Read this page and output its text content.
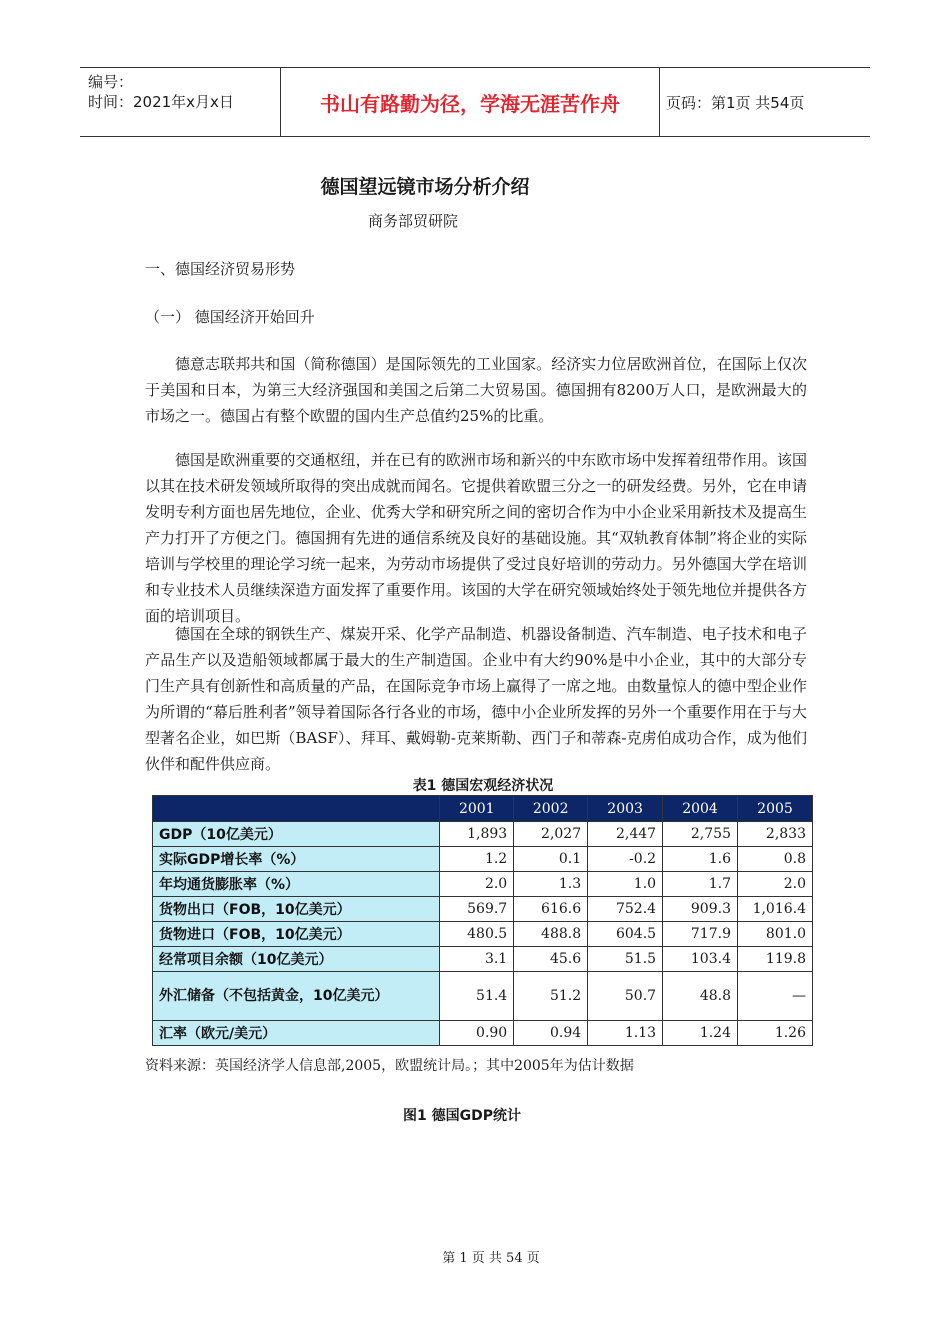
编号：
时间：2021年x月x日	书山有路勤为径，学海无涯苦作舟	页码：第1页 共54页
德国望远镜市场分析介绍
商务部贸研院
一、德国经济贸易形势
（一） 德国经济开始回升

德意志联邦共和国（简称德国）是国际领先的工业国家。经济实力位居欧洲首位，在国际上仅次于美国和日本，为第三大经济强国和美国之后第二大贸易国。德国拥有8200万人口，是欧洲最大的市场之一。德国占有整个欧盟的国内生产总值约25%的比重。

德国是欧洲重要的交通枢纽，并在已有的欧洲市场和新兴的中东欧市场中发挥着纽带作用。该国以其在技术研发领域所取得的突出成就而闻名。它提供着欧盟三分之一的研发经费。另外，它在申请发明专利方面也居先地位，企业、优秀大学和研究所之间的密切合作为中小企业采用新技术及提高生产力打开了方便之门。德国拥有先进的通信系统及良好的基础设施。其“双轨教育体制”将企业的实际培训与学校里的理论学习统一起来，为劳动市场提供了受过良好培训的劳动力。另外德国大学在培训和专业技术人员继续深造方面发挥了重要作用。该国的大学在研究领域始终处于领先地位并提供各方面的培训项目。

德国在全球的钢铁生产、煤炭开采、化学产品制造、机器设备制造、汽车制造、电子技术和电子产品生产以及造船领域都属于最大的生产制造国。企业中有大约90%是中小企业，其中的大部分专门生产具有创新性和高质量的产品，在国际竞争市场上赢得了一席之地。由数量惊人的德中型企业作为所谓的“幕后胜利者”领导着国际各行各业的市场，德中小企业所发挥的另外一个重要作用在于与大型著名企业，如巴斯（BASF）、拜耳、戴姆勒-克莱斯勒、西门子和蒂森-克虏伯成功合作，成为他们伙伴和配件供应商。

表1 德国宏观经济状况
	2001	2002	2003	2004	2005
GDP（10亿美元）	1,893	2,027	2,447	2,755	2,833
实际GDP增长率（%）	1.2	0.1	-0.2	1.6	0.8
年均通货膨胀率（%）	2.0	1.3	1.0	1.7	2.0
货物出口（FOB，10亿美元）	569.7	616.6	752.4	909.3	1,016.4
货物进口（FOB，10亿美元）	480.5	488.8	604.5	717.9	801.0
经常项目余额（10亿美元）	3.1	45.6	51.5	103.4	119.8
外汇储备（不包括黄金，10亿美元）	51.4	51.2	50.7	48.8	—
汇率（欧元/美元）	0.90	0.94	1.13	1.24	1.26
资料来源：英国经济学人信息部,2005，欧盟统计局。；其中2005年为估计数据
图1 德国GDP统计
第 1 页 共 54 页
